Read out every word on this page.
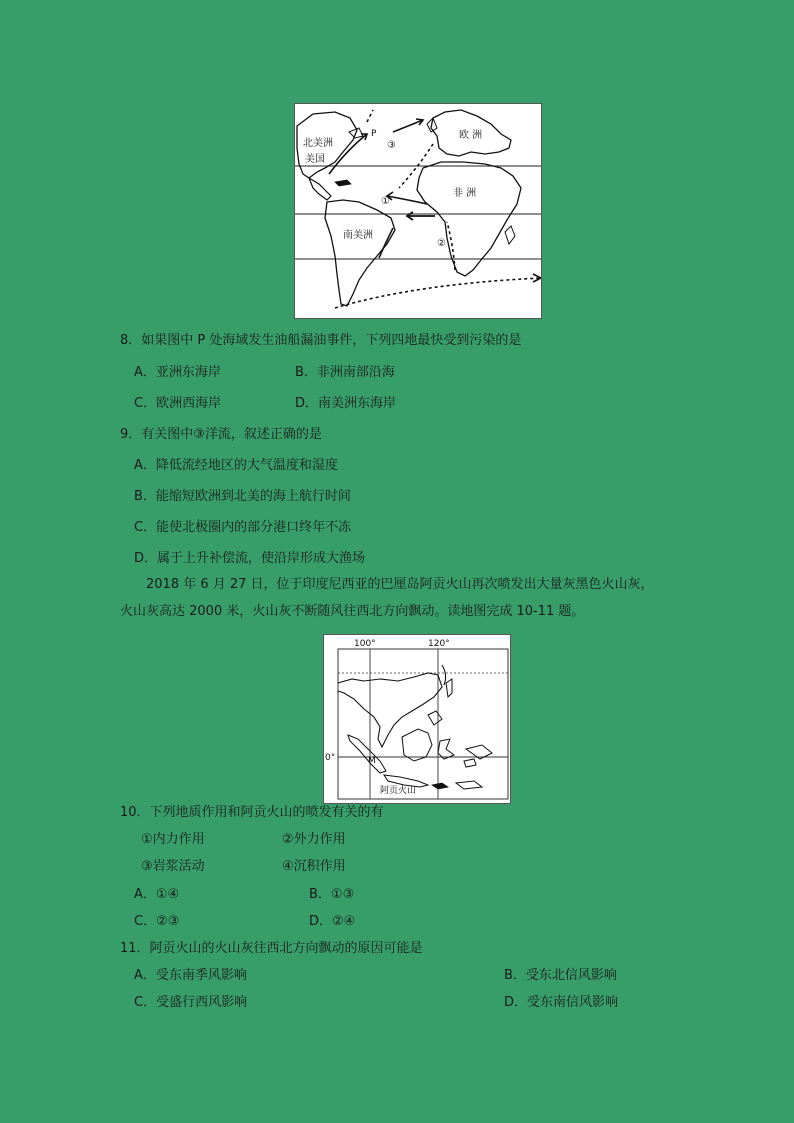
北美洲
美国
P
③
欧 洲
非 洲
①
南美洲
②
8．如果图中 P 处海域发生油船漏油事件，下列四地最快受到污染的是
A．亚洲东海岸	B．非洲南部沿海
C．欧洲西海岸	D．南美洲东海岸
9．有关图中③洋流，叙述正确的是
A．降低流经地区的大气温度和湿度
B．能缩短欧洲到北美的海上航行时间
C．能使北极圈内的部分港口终年不冻
D．属于上升补偿流，使沿岸形成大渔场
2018 年 6 月 27 日，位于印度尼西亚的巴厘岛阿贡火山再次喷发出大量灰黑色火山灰，
火山灰高达 2000 米，火山灰不断随风往西北方向飘动。读地图完成 10-11 题。
100°	120°
0°	M
阿贡火山
10．下列地质作用和阿贡火山的喷发有关的有
①内力作用	②外力作用
③岩浆活动	④沉积作用
A．①④	B．①③
C．②③	D．②④
11．阿贡火山的火山灰往西北方向飘动的原因可能是
A．受东南季风影响	B．受东北信风影响
C．受盛行西风影响	D．受东南信风影响
